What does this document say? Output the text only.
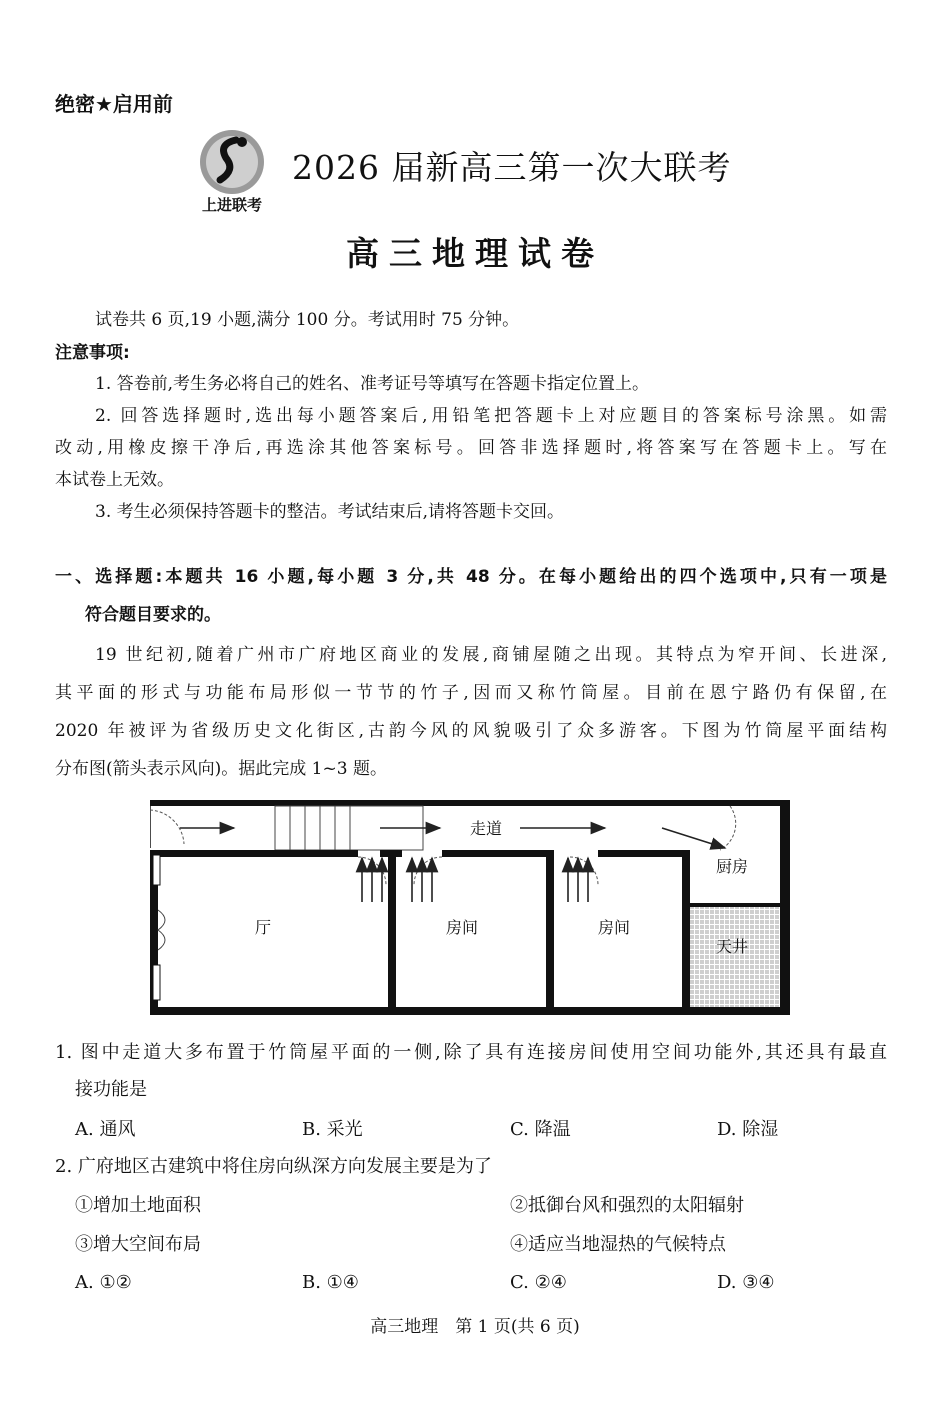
绝密★启用前
上进联考
2026 届新高三第一次大联考
高三地理试卷
试卷共 6 页,19 小题,满分 100 分。考试用时 75 分钟。
注意事项:
1. 答卷前,考生务必将自己的姓名、准考证号等填写在答题卡指定位置上。
2. 回答选择题时,选出每小题答案后,用铅笔把答题卡上对应题目的答案标号涂黑。如需
改动,用橡皮擦干净后,再选涂其他答案标号。回答非选择题时,将答案写在答题卡上。写在
本试卷上无效。
3. 考生必须保持答题卡的整洁。考试结束后,请将答题卡交回。
一、选择题:本题共 16 小题,每小题 3 分,共 48 分。在每小题给出的四个选项中,只有一项是
符合题目要求的。
19 世纪初,随着广州市广府地区商业的发展,商铺屋随之出现。其特点为窄开间、长进深,
其平面的形式与功能布局形似一节节的竹子,因而又称竹筒屋。目前在恩宁路仍有保留,在
2020 年被评为省级历史文化街区,古韵今风的风貌吸引了众多游客。下图为竹筒屋平面结构
分布图(箭头表示风向)。据此完成 1~3 题。
走道
厨房
厅	房间	房间
天井
1. 图中走道大多布置于竹筒屋平面的一侧,除了具有连接房间使用空间功能外,其还具有最直
接功能是
A. 通风	B. 采光	C. 降温	D. 除湿
2. 广府地区古建筑中将住房向纵深方向发展主要是为了
①增加土地面积	②抵御台风和强烈的太阳辐射
③增大空间布局	④适应当地湿热的气候特点
A. ①②	B. ①④	C. ②④	D. ③④
高三地理　第 1 页(共 6 页)
